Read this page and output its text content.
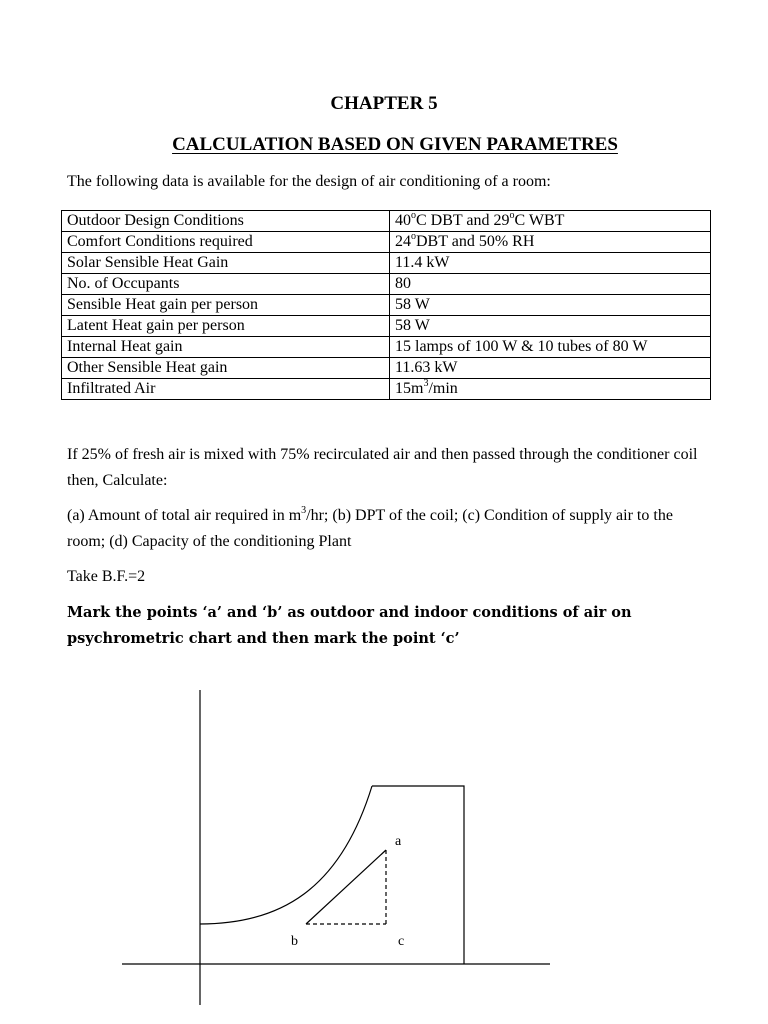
CHAPTER 5
CALCULATION BASED ON GIVEN PARAMETRES
The following data is available for the design of air conditioning of a room:
Outdoor Design Conditions	40$^o$C DBT and 29$^o$C WBT
Comfort Conditions required	24$^o$DBT and 50% RH
Solar Sensible Heat Gain	11.4 kW
No. of Occupants	80
Sensible Heat gain per person	58 W
Latent Heat gain per person	58 W
Internal Heat gain	15 lamps of 100 W & 10 tubes of 80 W
Other Sensible Heat gain	11.63 kW
Infiltrated Air	$15m^3/\min$
If 25% of fresh air is mixed with 75% recirculated air and then passed through the conditioner coil then, Calculate:
(a) Amount of total air required in $m^3/hr$; (b) DPT of the coil; (c) Condition of supply air to the room; (d) Capacity of the conditioning Plant
Take B.F.=2
Mark the points ‘a’ and ‘b’ as outdoor and indoor conditions of air on psychrometric chart and then mark the point ‘c’
a
b	c
